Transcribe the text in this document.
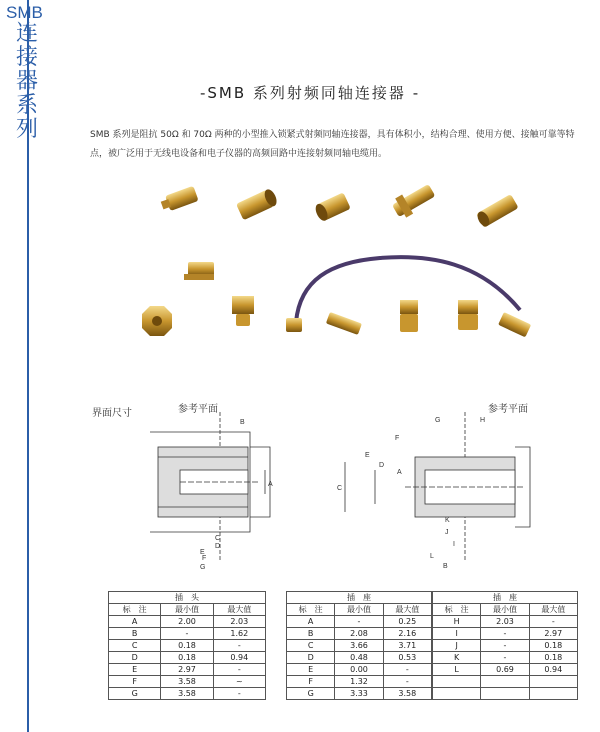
SMB
连
接
器
系
列
-SMB 系列射频同轴连接器 -
SMB 系列是阻抗 50Ω 和 70Ω 两种的小型推入锁紧式射频同轴连接器，具有体积小，结构合理、使用方便、接触可靠等特点，被广泛用于无线电设备和电子仪器的高频回路中连接射频同轴电缆用。
界面尺寸	参考平面	参考平面
B
A
C
D
E
F
G
G	H
F
E
D
A
C
K
J
I
L
B
插　头		
标　注	最小值	最大值
A	2.00	2.03
B	-	1.62
C	0.18	-
D	0.18	0.94
E	2.97	-
F	3.58	~
G	3.58	-
插　座		
标　注	最小值	最大值
A	-	0.25
B	2.08	2.16
C	3.66	3.71
D	0.48	0.53
E	0.00	-
F	1.32	-
G	3.33	3.58
插　座		
标　注	最小值	最大值
H	2.03	-
I	-	2.97
J	-	0.18
K	-	0.18
L	0.69	0.94
